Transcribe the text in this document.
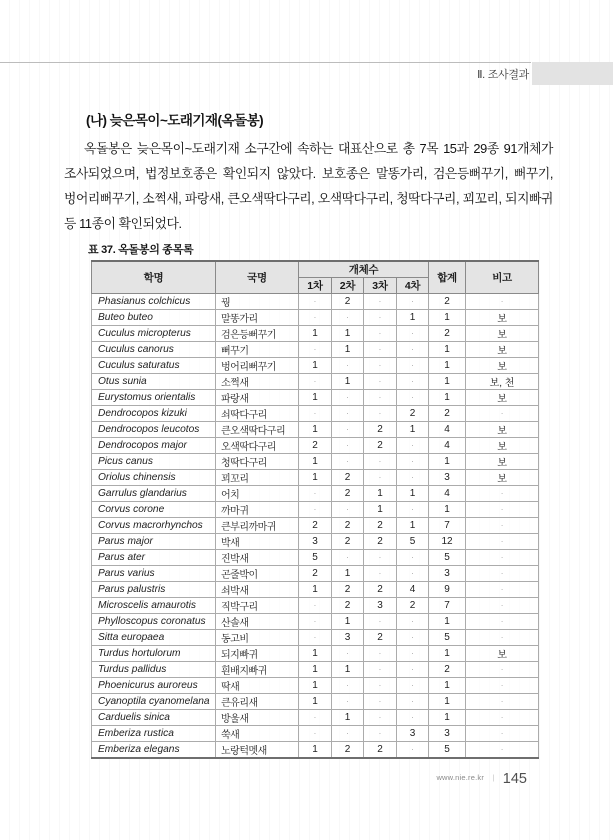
Ⅱ. 조사결과
(나) 늦은목이~도래기재(옥돌봉)

옥돌봉은 늦은목이~도래기재 소구간에 속하는 대표산으로 총 7목 15과 29종 91개체가 조사되었으며, 법정보호종은 확인되지 않았다. 보호종은 말똥가리, 검은등뻐꾸기, 뻐꾸기, 벙어리뻐꾸기, 소쩍새, 파랑새, 큰오색딱다구리, 오색딱다구리, 청딱다구리, 꾀꼬리, 되지빠귀 등 11종이 확인되었다.

표 37. 옥돌봉의 종목록
학명	국명	개체수				합계	비고
		1차	2차	3차	4차		
Phasianus colchicus	꿩	·	2	·	·	2	·
Buteo buteo	말똥가리	·	·	·	1	1	보
Cuculus micropterus	검은등뻐꾸기	1	1	·	·	2	보
Cuculus canorus	뻐꾸기	·	1	·	·	1	보
Cuculus saturatus	벙어리뻐꾸기	1	·	·	·	1	보
Otus sunia	소쩍새	·	1	·	·	1	보, 천
Eurystomus orientalis	파랑새	1	·	·	·	1	보
Dendrocopos kizuki	쇠딱다구리	·	·	·	2	2	·
Dendrocopos leucotos	큰오색딱다구리	1	·	2	1	4	보
Dendrocopos major	오색딱다구리	2	·	2	·	4	보
Picus canus	청딱다구리	1	·	·	·	1	보
Oriolus chinensis	꾀꼬리	1	2	·	·	3	보
Garrulus glandarius	어치	·	2	1	1	4	·
Corvus corone	까마귀	·	·	1	·	1	·
Corvus macrorhynchos	큰부리까마귀	2	2	2	1	7	·
Parus major	박새	3	2	2	5	12	·
Parus ater	진박새	5	·	·	·	5	·
Parus varius	곤줄박이	2	1	·	·	3	·
Parus palustris	쇠박새	1	2	2	4	9	·
Microscelis amaurotis	직박구리	·	2	3	2	7	·
Phylloscopus coronatus	산솔새	·	1	·	·	1	·
Sitta europaea	동고비	·	3	2	·	5	·
Turdus hortulorum	되지빠귀	1	·	·	·	1	보
Turdus pallidus	흰배지빠귀	1	1	·	·	2	·
Phoenicurus auroreus	딱새	1	·	·	·	1	·
Cyanoptila cyanomelana	큰유리새	1	·	·	·	1	·
Carduelis sinica	방울새	·	1	·	·	1	·
Emberiza rustica	쑥새	·	·	·	3	3	·
Emberiza elegans	노랑턱멧새	1	2	2	·	5	·
www.nie.re.kr | 145
